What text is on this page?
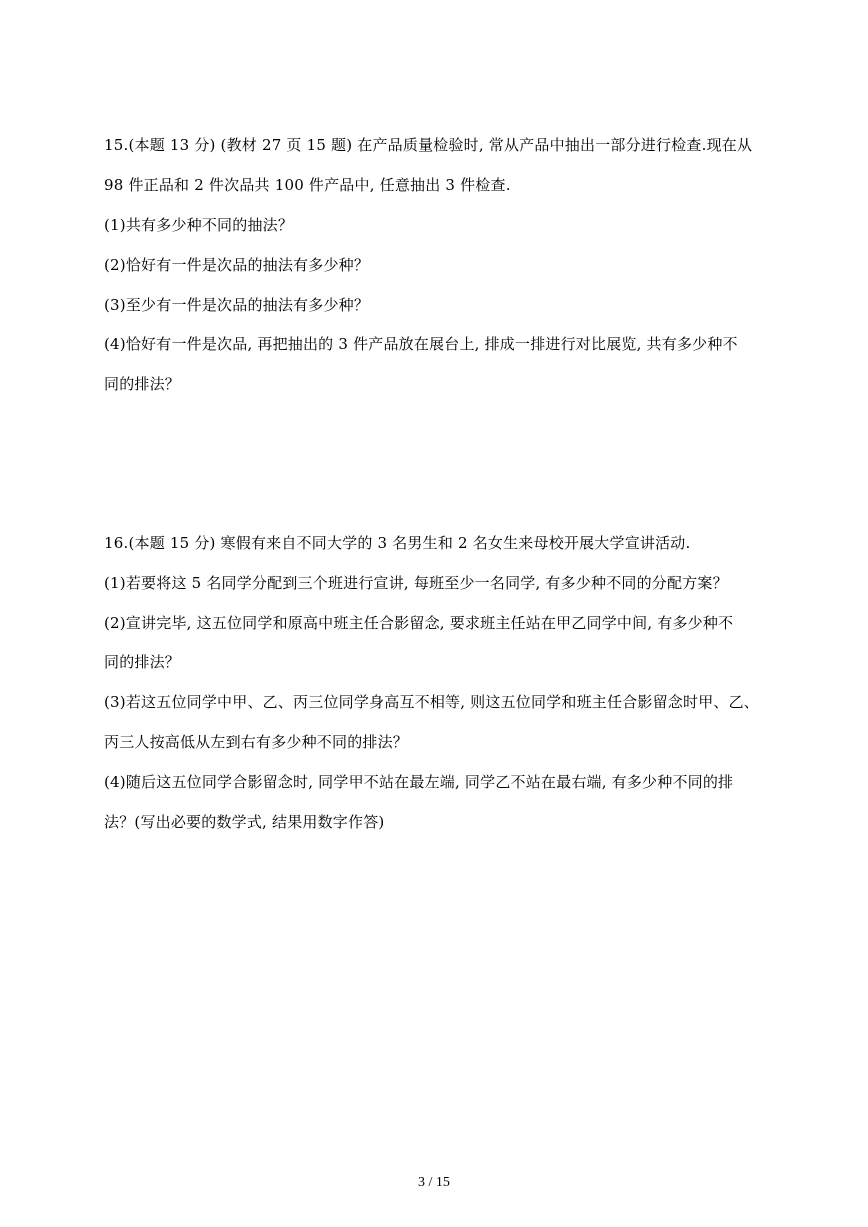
15.(本题 13 分) (教材 27 页 15 题) 在产品质量检验时, 常从产品中抽出一部分进行检查.现在从
98 件正品和 2 件次品共 100 件产品中, 任意抽出 3 件检查.
(1)共有多少种不同的抽法？
(2)恰好有一件是次品的抽法有多少种？
(3)至少有一件是次品的抽法有多少种？
(4)恰好有一件是次品, 再把抽出的 3 件产品放在展台上, 排成一排进行对比展览, 共有多少种不
同的排法？
16.(本题 15 分) 寒假有来自不同大学的 3 名男生和 2 名女生来母校开展大学宣讲活动.
(1)若要将这 5 名同学分配到三个班进行宣讲, 每班至少一名同学, 有多少种不同的分配方案？
(2)宣讲完毕, 这五位同学和原高中班主任合影留念, 要求班主任站在甲乙同学中间, 有多少种不
同的排法？
(3)若这五位同学中甲、乙、丙三位同学身高互不相等, 则这五位同学和班主任合影留念时甲、乙、
丙三人按高低从左到右有多少种不同的排法？
(4)随后这五位同学合影留念时, 同学甲不站在最左端, 同学乙不站在最右端, 有多少种不同的排
法？(写出必要的数学式, 结果用数字作答)
3 / 15
